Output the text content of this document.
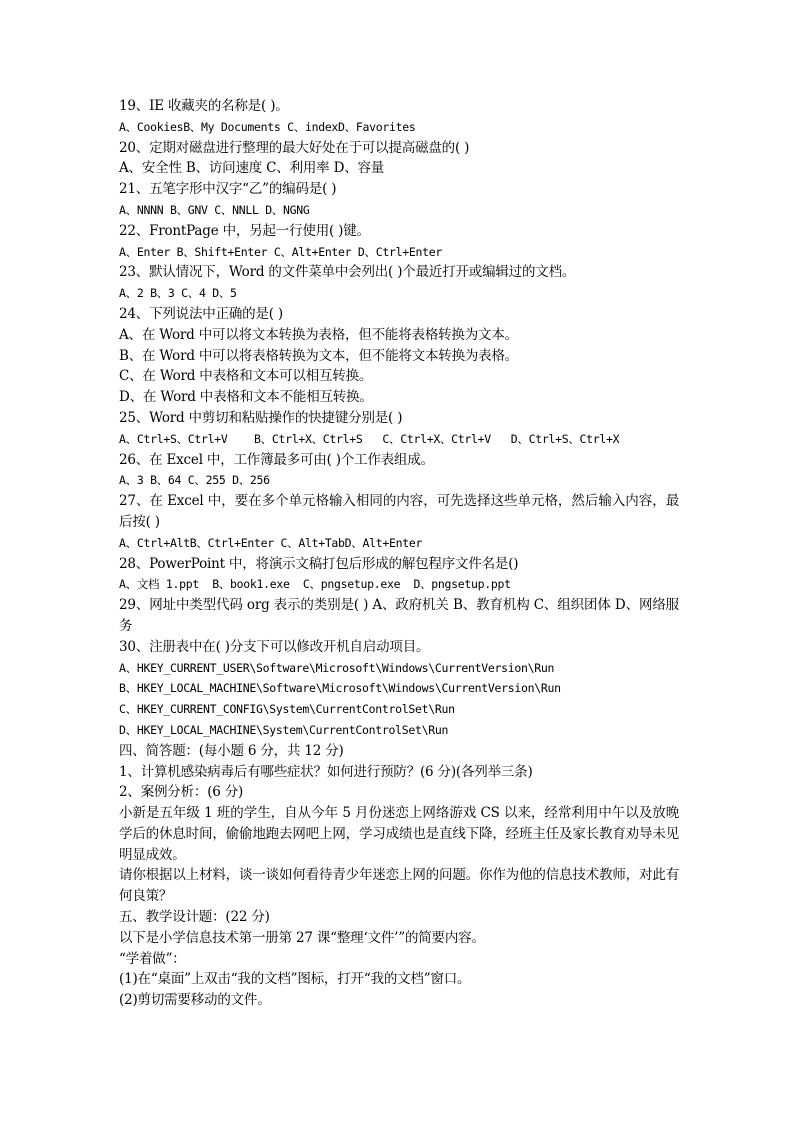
19、IE 收藏夹的名称是( )。
A、CookiesB、My Documents C、indexD、Favorites
20、定期对磁盘进行整理的最大好处在于可以提高磁盘的( )
A、安全性 B、访问速度 C、利用率 D、容量
21、五笔字形中汉字“乙”的编码是( )
A、NNNN B、GNV C、NNLL D、NGNG
22、FrontPage 中，另起一行使用( )键。
A、Enter B、Shift+Enter C、Alt+Enter D、Ctrl+Enter
23、默认情况下，Word 的文件菜单中会列出( )个最近打开或编辑过的文档。
A、2 B、3 C、4 D、5
24、下列说法中正确的是( )
A、在 Word 中可以将文本转换为表格，但不能将表格转换为文本。
B、在 Word 中可以将表格转换为文本，但不能将文本转换为表格。
C、在 Word 中表格和文本可以相互转换。
D、在 Word 中表格和文本不能相互转换。
25、Word 中剪切和粘贴操作的快捷键分别是( )
A、Ctrl+S、Ctrl+V    B、Ctrl+X、Ctrl+S   C、Ctrl+X、Ctrl+V   D、Ctrl+S、Ctrl+X
26、在 Excel 中，工作簿最多可由( )个工作表组成。
A、3 B、64 C、255 D、256
27、在 Excel 中，要在多个单元格输入相同的内容，可先选择这些单元格，然后输入内容，最后按( )
A、Ctrl+AltB、Ctrl+Enter C、Alt+TabD、Alt+Enter
28、PowerPoint 中，将演示文稿打包后形成的解包程序文件名是()
A、文档 1.ppt  B、book1.exe  C、pngsetup.exe  D、pngsetup.ppt
29、网址中类型代码 org 表示的类别是( ) A、政府机关 B、教育机构 C、组织团体 D、网络服务
30、注册表中在( )分支下可以修改开机自启动项目。
A、HKEY_CURRENT_USER\Software\Microsoft\Windows\CurrentVersion\Run
B、HKEY_LOCAL_MACHINE\Software\Microsoft\Windows\CurrentVersion\Run
C、HKEY_CURRENT_CONFIG\System\CurrentControlSet\Run
D、HKEY_LOCAL_MACHINE\System\CurrentControlSet\Run
四、简答题：(每小题 6 分，共 12 分)
1、计算机感染病毒后有哪些症状？如何进行预防？(6 分)(各列举三条)
2、案例分析：(6 分)
小新是五年级 1 班的学生，自从今年 5 月份迷恋上网络游戏 CS 以来，经常利用中午以及放晚学后的休息时间，偷偷地跑去网吧上网，学习成绩也是直线下降，经班主任及家长教育劝导未见明显成效。
请你根据以上材料，谈一谈如何看待青少年迷恋上网的问题。你作为他的信息技术教师，对此有何良策？
五、教学设计题：(22 分)
以下是小学信息技术第一册第 27 课“整理‘文件’”的简要内容。
“学着做”：
(1)在“桌面”上双击“我的文档”图标，打开“我的文档”窗口。
(2)剪切需要移动的文件。
